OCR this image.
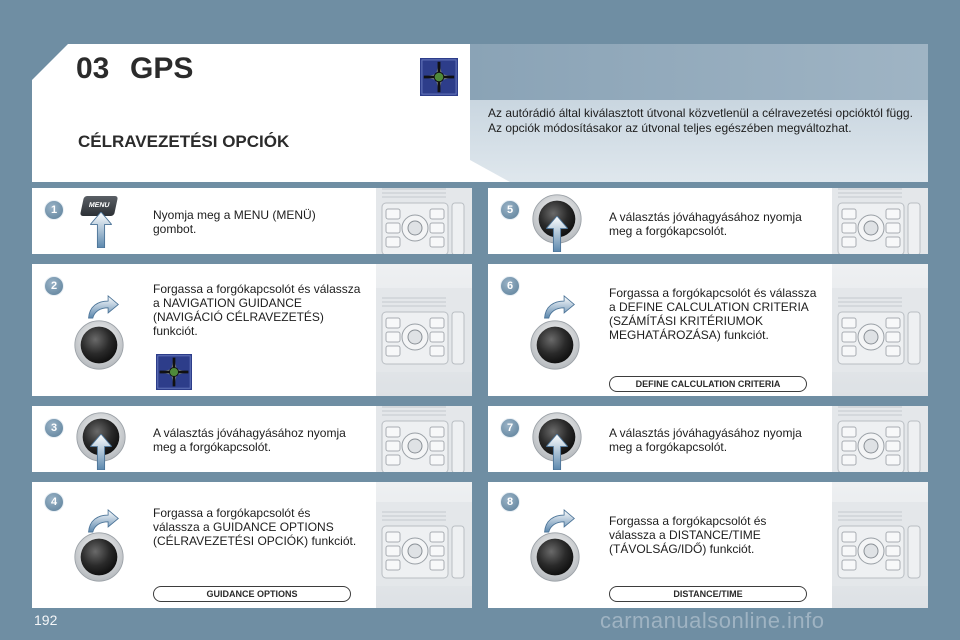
03 GPS
CÉLRAVEZETÉSI OPCIÓK

Az autórádió által kiválasztott útvonal közvetlenül a célravezetési opcióktól függ.

Az opciók módosításakor az útvonal teljes egészében megváltozhat.

1	MENU
Nyomja meg a MENU (MENÜ) gombot.
2	Forgassa a forgókapcsolót és válassza a NAVIGATION GUIDANCE (NAVIGÁCIÓ CÉLRAVEZETÉS) funkciót.
3	A választás jóváhagyásához nyomja meg a forgókapcsolót.
4
Forgassa a forgókapcsolót és válassza a GUIDANCE OPTIONS (CÉLRAVEZETÉSI OPCIÓK) funkciót.
GUIDANCE OPTIONS
5	A választás jóváhagyásához nyomja meg a forgókapcsolót.
6	Forgassa a forgókapcsolót és válassza a DEFINE CALCULATION CRITERIA (SZÁMÍTÁSI KRITÉRIUMOK MEGHATÁROZÁSA) funkciót.
DEFINE CALCULATION CRITERIA
7	A választás jóváhagyásához nyomja meg a forgókapcsolót.
8
Forgassa a forgókapcsolót és válassza a DISTANCE/TIME (TÁVOLSÁG/IDŐ) funkciót.
DISTANCE/TIME
192	carmanualsonline.info
